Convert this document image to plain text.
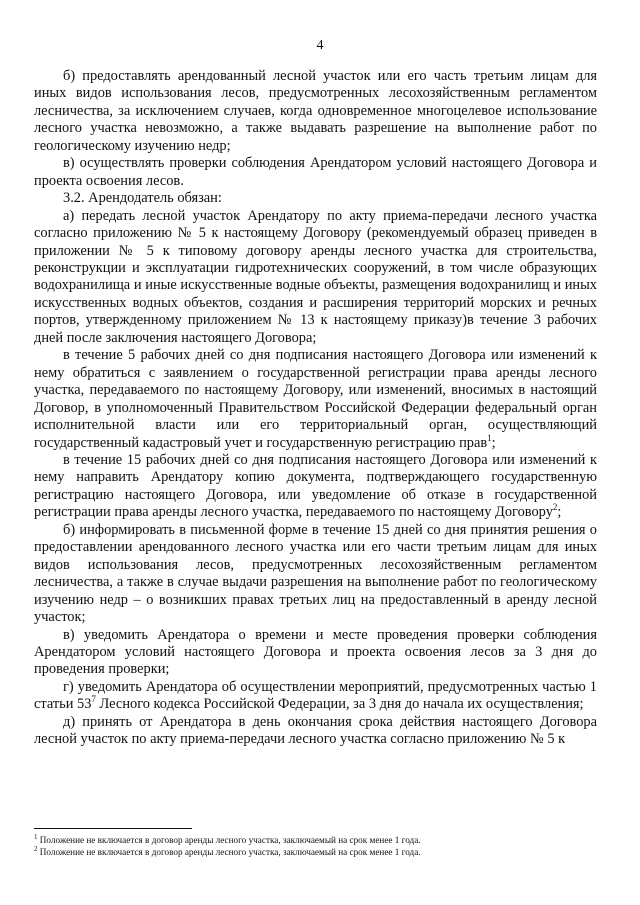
4

б) предоставлять арендованный лесной участок или его часть третьим лицам для иных видов использования лесов, предусмотренных лесохозяйственным регламентом лесничества, за исключением случаев, когда одновременное многоцелевое использование лесного участка невозможно, а также выдавать разрешение на выполнение работ по геологическому изучению недр;

в) осуществлять проверки соблюдения Арендатором условий настоящего Договора и проекта освоения лесов.

3.2. Арендодатель обязан:

а) передать лесной участок Арендатору по акту приема-передачи лесного участка согласно приложению № 5 к настоящему Договору (рекомендуемый образец приведен в приложении № 5 к типовому договору аренды лесного участка для строительства, реконструкции и эксплуатации гидротехнических сооружений, в том числе образующих водохранилища и иные искусственные водные объекты, размещения водохранилищ и иных искусственных водных объектов, создания и расширения территорий морских и речных портов, утвержденному приложением № 13 к настоящему приказу)в течение 3 рабочих дней после заключения настоящего Договора;

в течение 5 рабочих дней со дня подписания настоящего Договора или изменений к нему обратиться с заявлением о государственной регистрации права аренды лесного участка, передаваемого по настоящему Договору, или изменений, вносимых в настоящий Договор, в уполномоченный Правительством Российской Федерации федеральный орган исполнительной власти или его территориальный орган, осуществляющий государственный кадастровый учет и государственную регистрацию прав$^1$;

в течение 15 рабочих дней со дня подписания настоящего Договора или изменений к нему направить Арендатору копию документа, подтверждающего государственную регистрацию настоящего Договора, или уведомление об отказе в государственной регистрации права аренды лесного участка, передаваемого по настоящему Договору$^2$;

б) информировать в письменной форме в течение 15 дней со дня принятия решения о предоставлении арендованного лесного участка или его части третьим лицам для иных видов использования лесов, предусмотренных лесохозяйственным регламентом лесничества, а также в случае выдачи разрешения на выполнение работ по геологическому изучению недр – о возникших правах третьих лиц на предоставленный в аренду лесной участок;

в) уведомить Арендатора о времени и месте проведения проверки соблюдения Арендатором условий настоящего Договора и проекта освоения лесов за 3 дня до проведения проверки;

г) уведомить Арендатора об осуществлении мероприятий, предусмотренных частью 1 статьи $53^7$ Лесного кодекса Российской Федерации, за 3 дня до начала их осуществления;

д) принять от Арендатора в день окончания срока действия настоящего Договора лесной участок по акту приема-передачи лесного участка согласно приложению № 5 к

$^1$ Положение не включается в договор аренды лесного участка, заключаемый на срок менее 1 года.
$^2$ Положение не включается в договор аренды лесного участка, заключаемый на срок менее 1 года.
